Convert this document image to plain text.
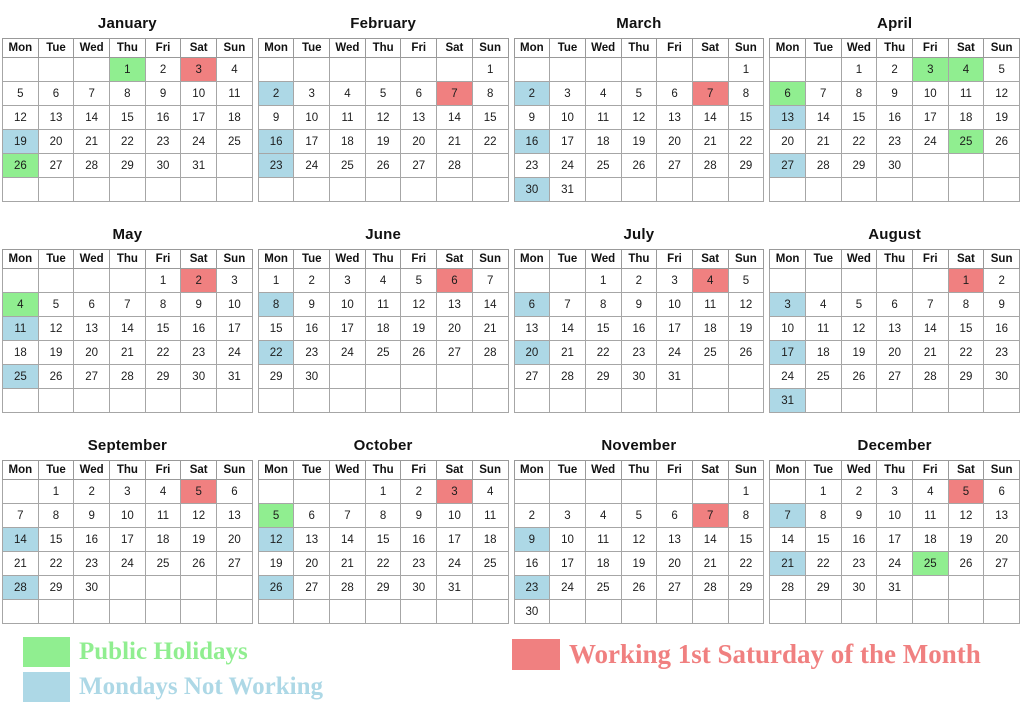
January
Mon	Tue	Wed	Thu	Fri	Sat	Sun
			1	2	3	4
5	6	7	8	9	10	11
12	13	14	15	16	17	18
19	20	21	22	23	24	25
26	27	28	29	30	31	

February
Mon	Tue	Wed	Thu	Fri	Sat	Sun
						1
2	3	4	5	6	7	8
9	10	11	12	13	14	15
16	17	18	19	20	21	22
23	24	25	26	27	28	

March
Mon	Tue	Wed	Thu	Fri	Sat	Sun
						1
2	3	4	5	6	7	8
9	10	11	12	13	14	15
16	17	18	19	20	21	22
23	24	25	26	27	28	29
30	31					
April
Mon	Tue	Wed	Thu	Fri	Sat	Sun
		1	2	3	4	5
6	7	8	9	10	11	12
13	14	15	16	17	18	19
20	21	22	23	24	25	26
27	28	29	30			

May
Mon	Tue	Wed	Thu	Fri	Sat	Sun
				1	2	3
4	5	6	7	8	9	10
11	12	13	14	15	16	17
18	19	20	21	22	23	24
25	26	27	28	29	30	31

June
Mon	Tue	Wed	Thu	Fri	Sat	Sun
1	2	3	4	5	6	7
8	9	10	11	12	13	14
15	16	17	18	19	20	21
22	23	24	25	26	27	28
29	30					

July
Mon	Tue	Wed	Thu	Fri	Sat	Sun
		1	2	3	4	5
6	7	8	9	10	11	12
13	14	15	16	17	18	19
20	21	22	23	24	25	26
27	28	29	30	31		

August
Mon	Tue	Wed	Thu	Fri	Sat	Sun
					1	2
3	4	5	6	7	8	9
10	11	12	13	14	15	16
17	18	19	20	21	22	23
24	25	26	27	28	29	30
31						
September
Mon	Tue	Wed	Thu	Fri	Sat	Sun
	1	2	3	4	5	6
7	8	9	10	11	12	13
14	15	16	17	18	19	20
21	22	23	24	25	26	27
28	29	30				

October
Mon	Tue	Wed	Thu	Fri	Sat	Sun
			1	2	3	4
5	6	7	8	9	10	11
12	13	14	15	16	17	18
19	20	21	22	23	24	25
26	27	28	29	30	31	

November
Mon	Tue	Wed	Thu	Fri	Sat	Sun
						1
2	3	4	5	6	7	8
9	10	11	12	13	14	15
16	17	18	19	20	21	22
23	24	25	26	27	28	29
30						
December
Mon	Tue	Wed	Thu	Fri	Sat	Sun
	1	2	3	4	5	6
7	8	9	10	11	12	13
14	15	16	17	18	19	20
21	22	23	24	25	26	27
28	29	30	31			

Public Holidays
Mondays Not Working
Working 1st Saturday of the Month
